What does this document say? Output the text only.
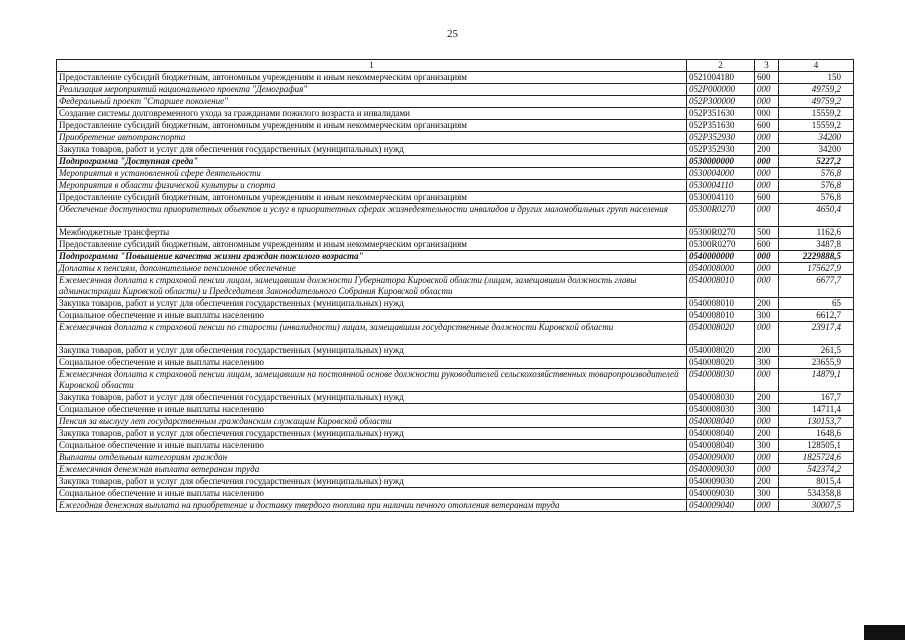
25
1	2	3	4
Предоставление субсидий бюджетным, автономным учреждениям и иным некоммерческим организациям	0521004180	600	150
Реализация мероприятий национального проекта "Демография"	052P000000	000	49759,2
Федеральный проект "Старшее поколение"	052P300000	000	49759,2
Создание системы долговременного ухода за гражданами пожилого возраста и инвалидами	052P351630	000	15559,2
Предоставление субсидий бюджетным, автономным учреждениям и иным некоммерческим организациям	052P351630	600	15559,2
Приобретение автотранспорта	052P352930	000	34200
Закупка товаров, работ и услуг для обеспечения государственных (муниципальных) нужд	052P352930	200	34200
Подпрограмма "Доступная среда"	0530000000	000	5227,2
Мероприятия в установленной сфере деятельности	0530004000	000	576,8
Мероприятия в области физической культуры и спорта	0530004110	000	576,8
Предоставление субсидий бюджетным, автономным учреждениям и иным некоммерческим организациям	0530004110	600	576,8
Обеспечение доступности приоритетных объектов и услуг в приоритетных сферах жизнедеятельности инвалидов и других маломобильных групп населения	05300R0270	000	4650,4
Межбюджетные трансферты	05300R0270	500	1162,6
Предоставление субсидий бюджетным, автономным учреждениям и иным некоммерческим организациям	05300R0270	600	3487,8
Подпрограмма "Повышение качества жизни граждан пожилого возраста"	0540000000	000	2229888,5
Доплаты к пенсиям, дополнительное пенсионное обеспечение	0540008000	000	175627,9
Ежемесячная доплата к страховой пенсии лицам, замещавшим должности Губернатора Кировской области (лицам, замещавшим должность главы администрации Кировской области) и Председателя Законодательного Собрания Кировской области	0540008010	000	6677,7
Закупка товаров, работ и услуг для обеспечения государственных (муниципальных) нужд	0540008010	200	65
Социальное обеспечение и иные выплаты населению	0540008010	300	6612,7
Ежемесячная доплата к страховой пенсии по старости (инвалидности) лицам, замещавшим государственные должности Кировской области	0540008020	000	23917,4
Закупка товаров, работ и услуг для обеспечения государственных (муниципальных) нужд	0540008020	200	261,5
Социальное обеспечение и иные выплаты населению	0540008020	300	23655,9
Ежемесячная доплата к страховой пенсии лицам, замещавшим на постоянной основе должности руководителей сельскохозяйственных товаропроизводителей Кировской области	0540008030	000	14879,1
Закупка товаров, работ и услуг для обеспечения государственных (муниципальных) нужд	0540008030	200	167,7
Социальное обеспечение и иные выплаты населению	0540008030	300	14711,4
Пенсия за выслугу лет государственным гражданским служащим Кировской области	0540008040	000	130153,7
Закупка товаров, работ и услуг для обеспечения государственных (муниципальных) нужд	0540008040	200	1648,6
Социальное обеспечение и иные выплаты населению	0540008040	300	128505,1
Выплаты отдельным категориям граждан	0540009000	000	1825724,6
Ежемесячная денежная выплата ветеранам труда	0540009030	000	542374,2
Закупка товаров, работ и услуг для обеспечения государственных (муниципальных) нужд	0540009030	200	8015,4
Социальное обеспечение и иные выплаты населению	0540009030	300	534358,8
Ежегодная денежная выплата на приобретение и доставку твердого топлива при наличии печного отопления ветеранам труда	0540009040	000	30007,5
